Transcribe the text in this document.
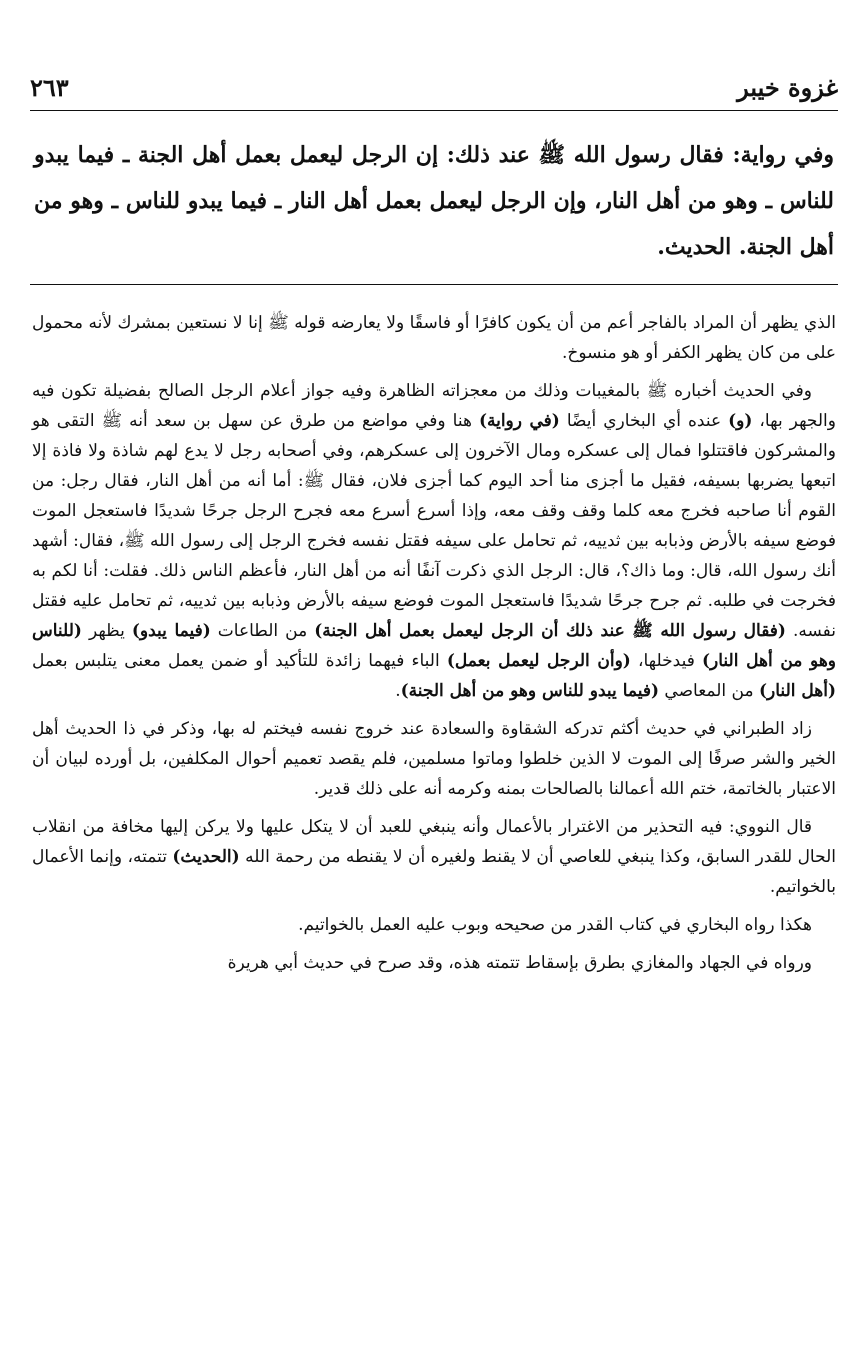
غزوة خيبر
٢٦٣
وفي رواية: فقال رسول الله ﷺ عند ذلك: إن الرجل ليعمل بعمل أهل الجنة ـ فيما يبدو للناس ـ وهو من أهل النار، وإن الرجل ليعمل بعمل أهل النار ـ فيما يبدو للناس ـ وهو من أهل الجنة. الحديث.

الذي يظهر أن المراد بالفاجر أعم من أن يكون كافرًا أو فاسقًا ولا يعارضه قوله ﷺ إنا لا نستعين بمشرك لأنه محمول على من كان يظهر الكفر أو هو منسوخ.

وفي الحديث أخباره ﷺ بالمغيبات وذلك من معجزاته الظاهرة وفيه جواز أعلام الرجل الصالح بفضيلة تكون فيه والجهر بها، (و) عنده أي البخاري أيضًا (في رواية) هنا وفي مواضع من طرق عن سهل بن سعد أنه ﷺ التقى هو والمشركون فاقتتلوا فمال إلى عسكره ومال الآخرون إلى عسكرهم، وفي أصحابه رجل لا يدع لهم شاذة ولا فاذة إلا اتبعها يضربها بسيفه، فقيل ما أجزى منا أحد اليوم كما أجزى فلان، فقال ﷺ: أما أنه من أهل النار، فقال رجل: من القوم أنا صاحبه فخرج معه كلما وقف وقف معه، وإذا أسرع أسرع معه فجرح الرجل جرحًا شديدًا فاستعجل الموت فوضع سيفه بالأرض وذبابه بين ثدييه، ثم تحامل على سيفه فقتل نفسه فخرج الرجل إلى رسول الله ﷺ، فقال: أشهد أنك رسول الله، قال: وما ذاك؟، قال: الرجل الذي ذكرت آنفًا أنه من أهل النار، فأعظم الناس ذلك. فقلت: أنا لكم به فخرجت في طلبه. ثم جرح جرحًا شديدًا فاستعجل الموت فوضع سيفه بالأرض وذبابه بين ثدييه، ثم تحامل عليه فقتل نفسه. (فقال رسول الله ﷺ عند ذلك أن الرجل ليعمل بعمل أهل الجنة) من الطاعات (فيما يبدو) يظهر (للناس وهو من أهل النار) فيدخلها، (وأن الرجل ليعمل بعمل) الباء فيهما زائدة للتأكيد أو ضمن يعمل معنى يتلبس بعمل (أهل النار) من المعاصي (فيما يبدو للناس وهو من أهل الجنة).

زاد الطبراني في حديث أكثم تدركه الشقاوة والسعادة عند خروج نفسه فيختم له بها، وذكر في ذا الحديث أهل الخير والشر صرفًا إلى الموت لا الذين خلطوا وماتوا مسلمين، فلم يقصد تعميم أحوال المكلفين، بل أورده لبيان أن الاعتبار بالخاتمة، ختم الله أعمالنا بالصالحات بمنه وكرمه أنه على ذلك قدير.

قال النووي: فيه التحذير من الاغترار بالأعمال وأنه ينبغي للعبد أن لا يتكل عليها ولا يركن إليها مخافة من انقلاب الحال للقدر السابق، وكذا ينبغي للعاصي أن لا يقنط ولغيره أن لا يقنطه من رحمة الله (الحديث) تتمته، وإنما الأعمال بالخواتيم.

هكذا رواه البخاري في كتاب القدر من صحيحه وبوب عليه العمل بالخواتيم.

ورواه في الجهاد والمغازي بطرق بإسقاط تتمته هذه، وقد صرح في حديث أبي هريرة
